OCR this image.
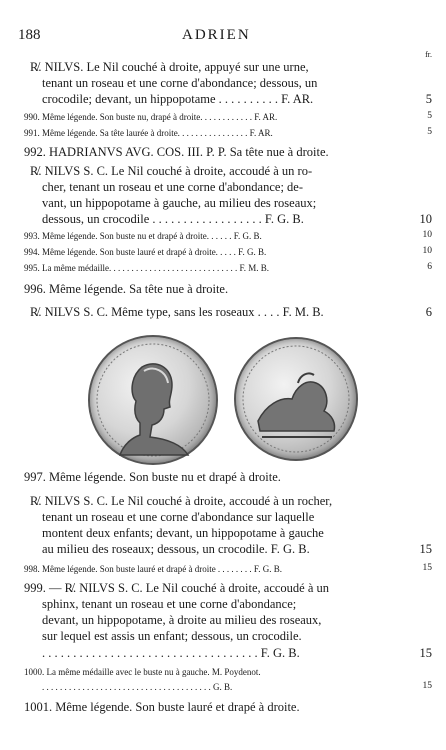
188	ADRIEN
fr.
R̸. NILVS. Le Nil couché à droite, appuyé sur une urne,
tenant un roseau et une corne d'abondance; dessous, un
crocodile; devant, un hippopotame . . . . . . . . . . F. AR.	5
990. Même légende. Son buste nu, drapé à droite. . . . . . . . . . . . F. AR.	5
991. Même légende. Sa tête laurée à droite. . . . . . . . . . . . . . . . F. AR.	5
992. HADRIANVS AVG. COS. III. P. P. Sa tête nue à droite.
R̸. NILVS S. C. Le Nil couché à droite, accoudé à un ro-
cher, tenant un roseau et une corne d'abondance; de-
vant, un hippopotame à gauche, au milieu des roseaux;
dessous, un crocodile . . . . . . . . . . . . . . . . . . F. G. B.	10
993. Même légende. Son buste nu et drapé à droite. . . . . . F. G. B.	10
994. Même légende. Son buste lauré et drapé à droite. . . . . F. G. B.	10
995. La même médaille. . . . . . . . . . . . . . . . . . . . . . . . . . . . . F. M. B.	6
996. Même légende. Sa tête nue à droite.
R̸. NILVS S. C. Même type, sans les roseaux . . . . F. M. B.	6
997. Même légende. Son buste nu et drapé à droite.
R̸. NILVS S. C. Le Nil couché à droite, accoudé à un rocher,
tenant un roseau et une corne d'abondance sur laquelle
montent deux enfants; devant, un hippopotame à gauche
au milieu des roseaux; dessous, un crocodile. F. G. B.	15
998. Même légende. Son buste lauré et drapé à droite . . . . . . . . F. G. B.	15
999. — R̸. NILVS S. C. Le Nil couché à droite, accoudé à un
sphinx, tenant un roseau et une corne d'abondance;
devant, un hippopotame, à droite au milieu des roseaux,
sur lequel est assis un enfant; dessous, un crocodile.
. . . . . . . . . . . . . . . . . . . . . . . . . . . . . . . . . . . F. G. B.	15
1000. La même médaille avec le buste nu à gauche. M. Poydenot.
. . . . . . . . . . . . . . . . . . . . . . . . . . . . . . . . . . . . . . G. B.	15
1001. Même légende. Son buste lauré et drapé à droite.
